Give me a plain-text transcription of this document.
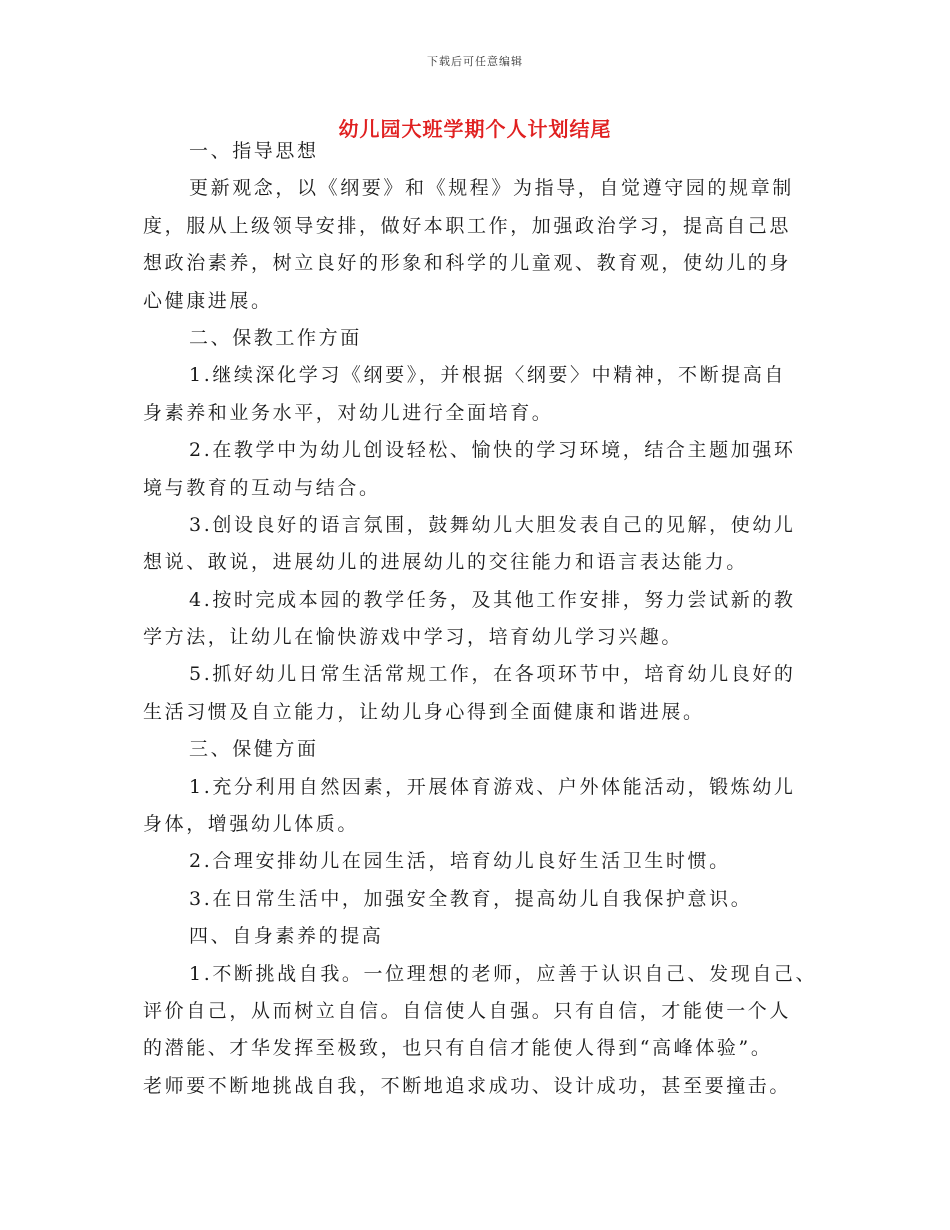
下载后可任意编辑
幼儿园大班学期个人计划结尾
一、指导思想
更新观念，以《纲要》和《规程》为指导，自觉遵守园的规章制
度，服从上级领导安排，做好本职工作，加强政治学习，提高自己思
想政治素养，树立良好的形象和科学的儿童观、教育观，使幼儿的身
心健康进展。
二、保教工作方面
1.继续深化学习《纲要》，并根据〈纲要〉中精神，不断提高自
身素养和业务水平，对幼儿进行全面培育。
2.在教学中为幼儿创设轻松、愉快的学习环境，结合主题加强环
境与教育的互动与结合。
3.创设良好的语言氛围，鼓舞幼儿大胆发表自己的见解，使幼儿
想说、敢说，进展幼儿的进展幼儿的交往能力和语言表达能力。
4.按时完成本园的教学任务，及其他工作安排，努力尝试新的教
学方法，让幼儿在愉快游戏中学习，培育幼儿学习兴趣。
5.抓好幼儿日常生活常规工作，在各项环节中，培育幼儿良好的
生活习惯及自立能力，让幼儿身心得到全面健康和谐进展。
三、保健方面
1.充分利用自然因素，开展体育游戏、户外体能活动，锻炼幼儿
身体，增强幼儿体质。
2.合理安排幼儿在园生活，培育幼儿良好生活卫生时惯。
3.在日常生活中，加强安全教育，提高幼儿自我保护意识。
四、自身素养的提高
1.不断挑战自我。一位理想的老师，应善于认识自己、发现自己、
评价自己，从而树立自信。自信使人自强。只有自信，才能使一个人
的潜能、才华发挥至极致，也只有自信才能使人得到“高峰体验”。
老师要不断地挑战自我，不断地追求成功、设计成功，甚至要撞击。
